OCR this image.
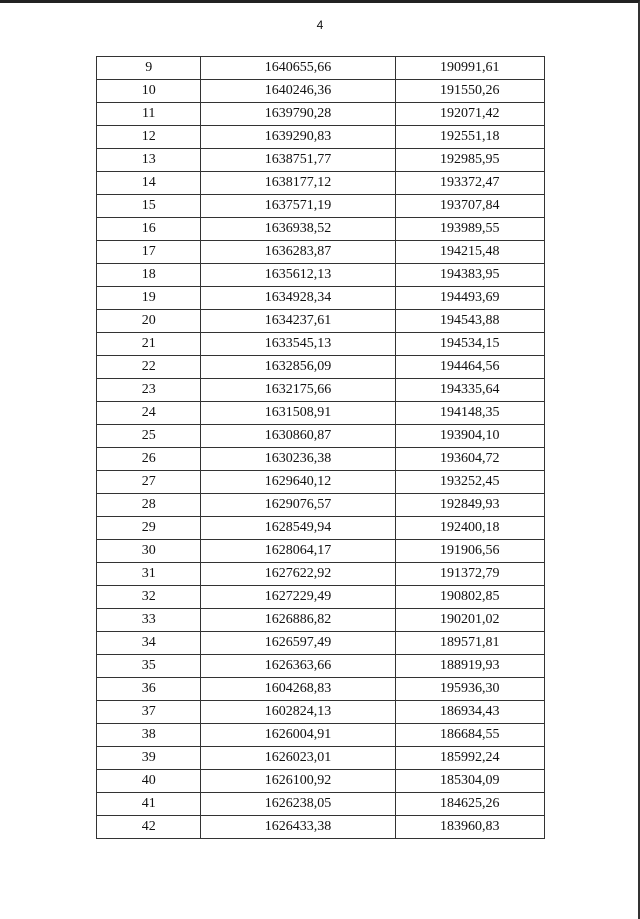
4
9	1640655,66	190991,61
10	1640246,36	191550,26
11	1639790,28	192071,42
12	1639290,83	192551,18
13	1638751,77	192985,95
14	1638177,12	193372,47
15	1637571,19	193707,84
16	1636938,52	193989,55
17	1636283,87	194215,48
18	1635612,13	194383,95
19	1634928,34	194493,69
20	1634237,61	194543,88
21	1633545,13	194534,15
22	1632856,09	194464,56
23	1632175,66	194335,64
24	1631508,91	194148,35
25	1630860,87	193904,10
26	1630236,38	193604,72
27	1629640,12	193252,45
28	1629076,57	192849,93
29	1628549,94	192400,18
30	1628064,17	191906,56
31	1627622,92	191372,79
32	1627229,49	190802,85
33	1626886,82	190201,02
34	1626597,49	189571,81
35	1626363,66	188919,93
36	1604268,83	195936,30
37	1602824,13	186934,43
38	1626004,91	186684,55
39	1626023,01	185992,24
40	1626100,92	185304,09
41	1626238,05	184625,26
42	1626433,38	183960,83
